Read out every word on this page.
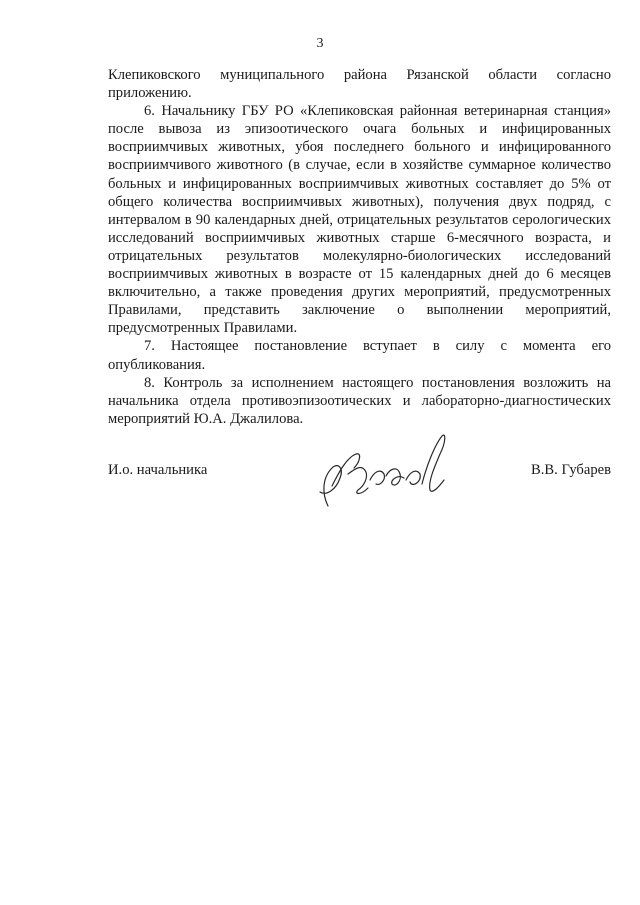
3

Клепиковского муниципального района Рязанской области согласно приложению.

6. Начальнику ГБУ РО «Клепиковская районная ветеринарная станция» после вывоза из эпизоотического очага больных и инфицированных восприимчивых животных, убоя последнего больного и инфицированного восприимчивого животного (в случае, если в хозяйстве суммарное количество больных и инфицированных восприимчивых животных составляет до 5% от общего количества восприимчивых животных), получения двух подряд, с интервалом в 90 календарных дней, отрицательных результатов серологических исследований восприимчивых животных старше 6-месячного возраста, и отрицательных результатов молекулярно-биологических исследований восприимчивых животных в возрасте от 15 календарных дней до 6 месяцев включительно, а также проведения других мероприятий, предусмотренных Правилами, представить заключение о выполнении мероприятий, предусмотренных Правилами.

7. Настоящее постановление вступает в силу с момента его опубликования.

8. Контроль за исполнением настоящего постановления возложить на начальника отдела противоэпизоотических и лабораторно-диагностических мероприятий Ю.А. Джалилова.

И.о. начальника	В.В. Губарев
